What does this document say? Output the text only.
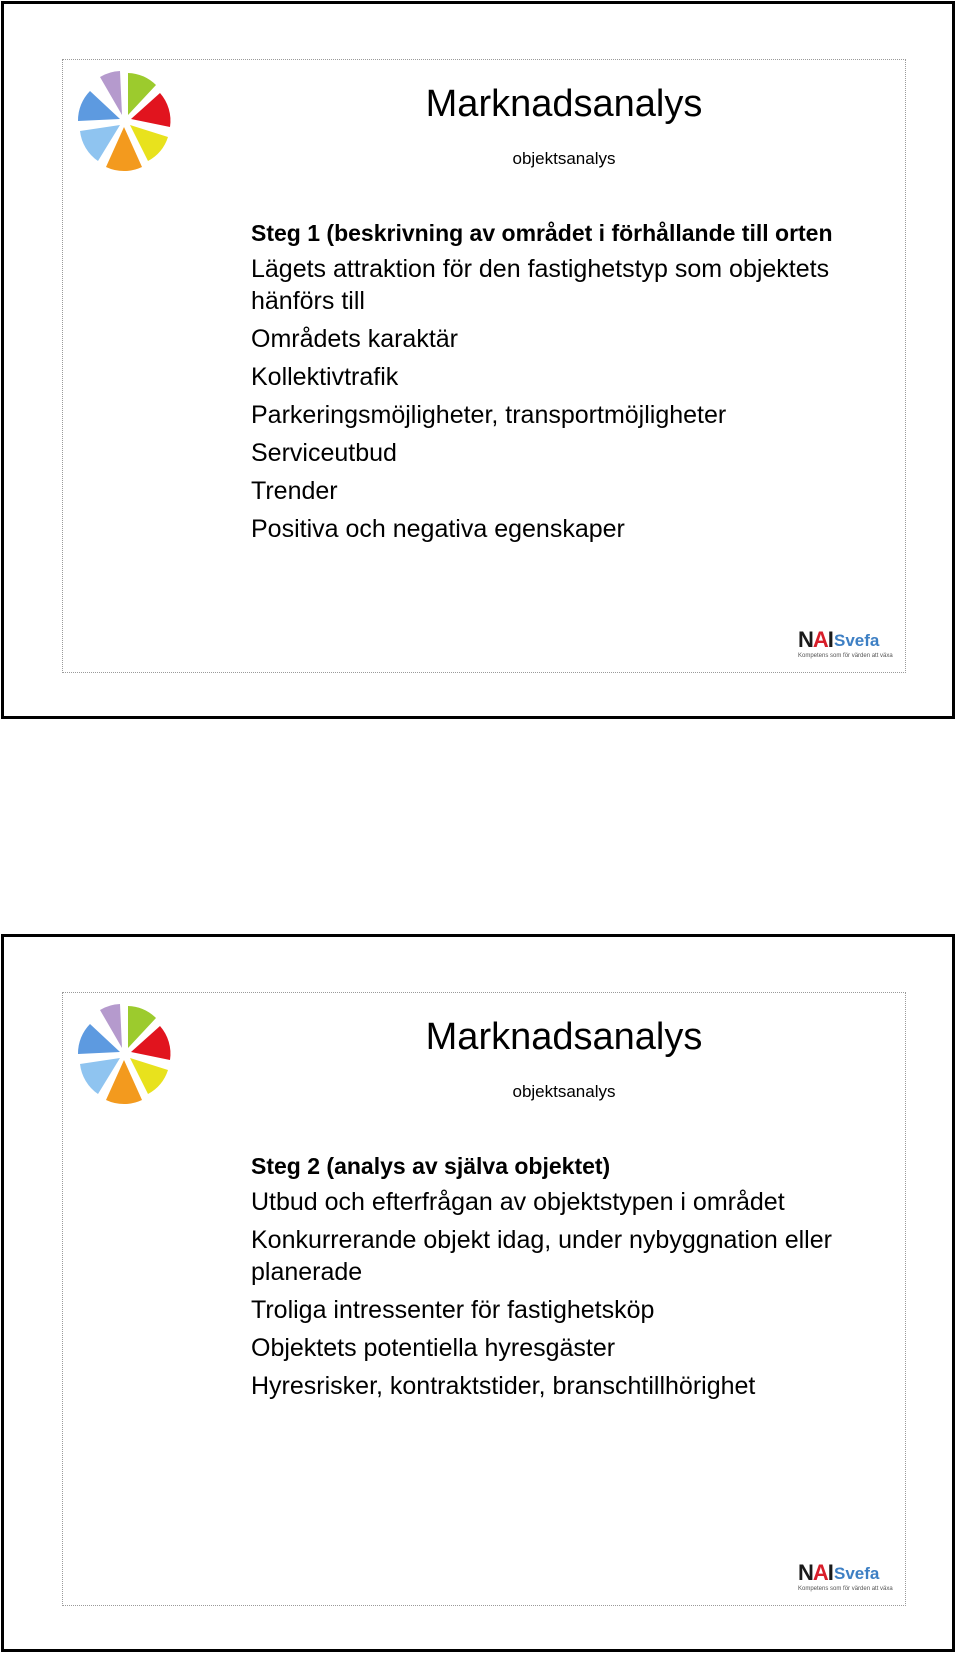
Marknadsanalys
objektsanalys
Steg 1 (beskrivning av området i förhållande till orten
Lägets attraktion för den fastighetstyp som objektets hänförs till
Områdets karaktär
Kollektivtrafik
Parkeringsmöjligheter, transportmöjligheter
Serviceutbud
Trender
Positiva och negativa egenskaper
NAI Svefa
Kompetens som för värden att växa
Marknadsanalys
objektsanalys
Steg 2 (analys av själva objektet)
Utbud och efterfrågan av objektstypen i området
Konkurrerande objekt idag, under nybyggnation eller planerade
Troliga intressenter för fastighetsköp
Objektets potentiella hyresgäster
Hyresrisker, kontraktstider, branschtillhörighet
NAI Svefa
Kompetens som för värden att växa
